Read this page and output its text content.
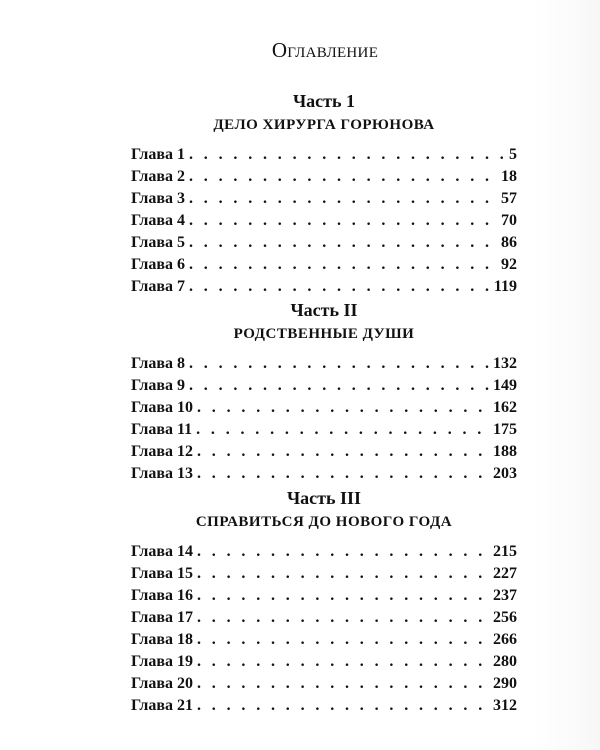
Оглавление
Часть 1
ДЕЛО ХИРУРГА ГОРЮНОВА
Глава 1 . . .	5
Глава 2 . . .	18
Глава 3 . . .	57
Глава 4 . . .	70
Глава 5 . . .	86
Глава 6 . . .	92
Глава 7 . . .	119
Часть II
РОДСТВЕННЫЕ ДУШИ
Глава 8 . . .	132
Глава 9 . . .	149
Глава 10 . . .	162
Глава 11 . . .	175
Глава 12 . . .	188
Глава 13 . . .	203
Часть III
СПРАВИТЬСЯ ДО НОВОГО ГОДА
Глава 14 . . .	215
Глава 15 . . .	227
Глава 16 . . .	237
Глава 17 . . .	256
Глава 18 . . .	266
Глава 19 . . .	280
Глава 20 . . .	290
Глава 21 . . .	312
